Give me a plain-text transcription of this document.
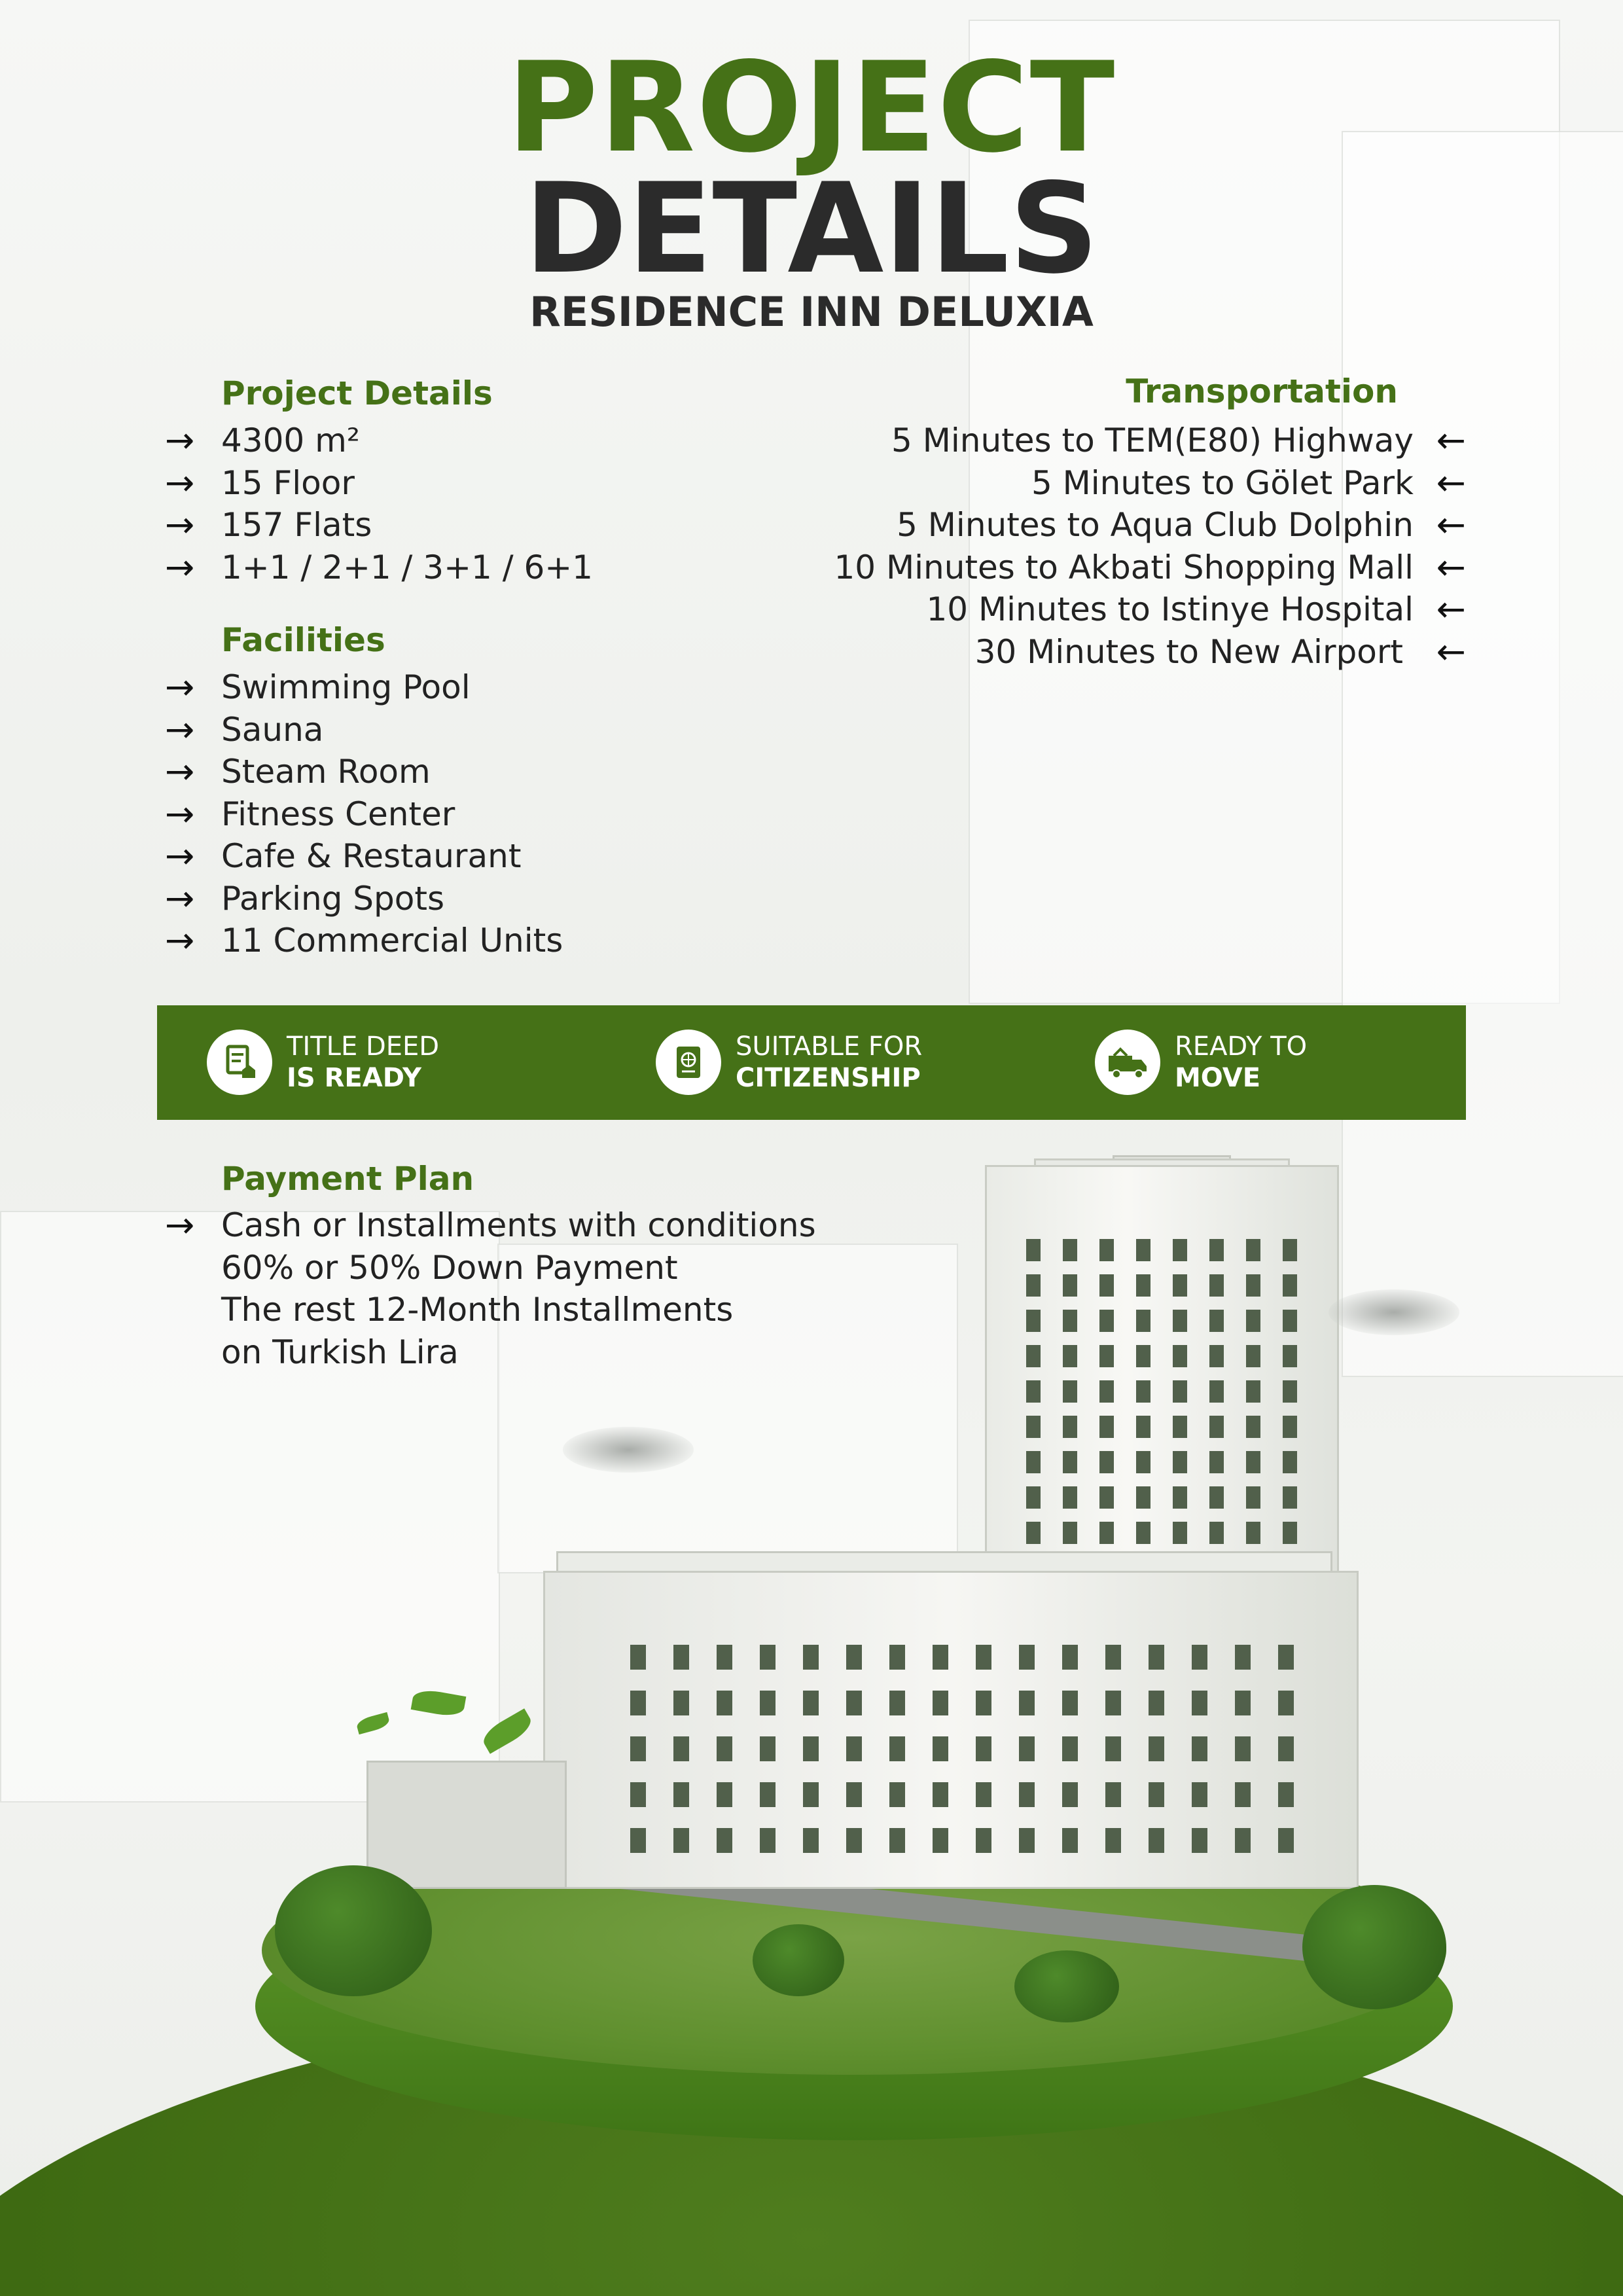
PROJECT
DETAILS
RESIDENCE INN DELUXIA
Project Details
→ 4300 m²
→ 15 Floor
→ 157 Flats
→ 1+1 / 2+1 / 3+1 / 6+1
Facilities
→ Swimming Pool
→ Sauna
→ Steam Room
→ Fitness Center
→ Cafe & Restaurant
→ Parking Spots
→ 11 Commercial Units
Transportation
5 Minutes to TEM(E80) Highway ←
5 Minutes to Gölet Park ←
5 Minutes to Aqua Club Dolphin ←
10 Minutes to Akbati Shopping Mall ←
10 Minutes to Istinye Hospital ←
30 Minutes to New Airport ←
TITLE DEED
IS READY
SUITABLE FOR
CITIZENSHIP
READY TO
MOVE
Payment Plan
→ Cash or Installments with conditions
60% or 50% Down Payment
The rest 12-Month Installments
on Turkish Lira
